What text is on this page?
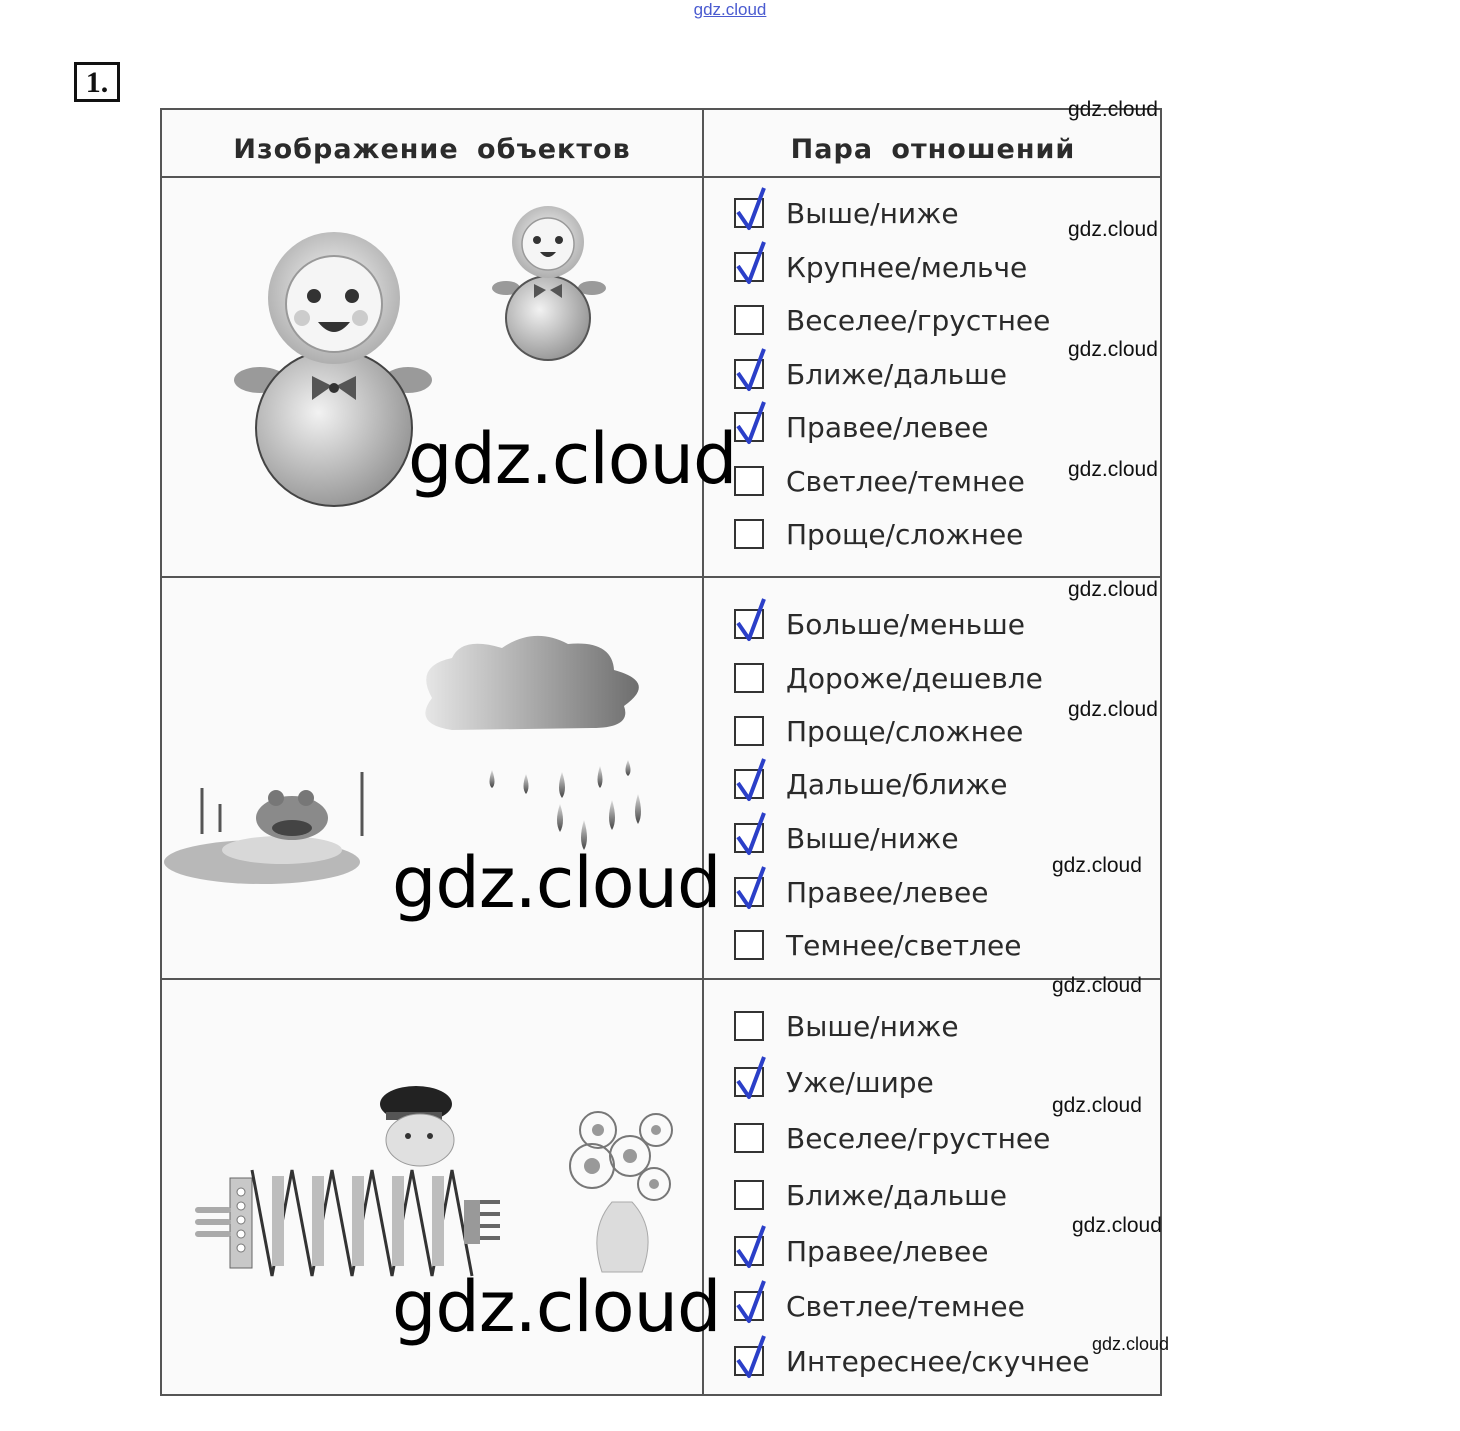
gdz.cloud
1.
Изображение объектов	Пара отношений
Выше/ниже
Крупнее/мельче
Веселее/грустнее
Ближе/дальше
Правее/левее
Светлее/темнее
Проще/сложнее
Больше/меньше
Дороже/дешевле
Проще/сложнее
Дальше/ближе
Выше/ниже
Правее/левее
Темнее/светлее
Выше/ниже
Уже/шире
Веселее/грустнее
Ближе/дальше
Правее/левее
Светлее/темнее
Интереснее/скучнее
gdz.cloud
gdz.cloud
gdz.cloud
gdz.cloud
gdz.cloud
gdz.cloud
gdz.cloud
gdz.cloud
gdz.cloud
gdz.cloud
gdz.cloud
gdz.cloud
gdz.cloud
gdz.cloud
